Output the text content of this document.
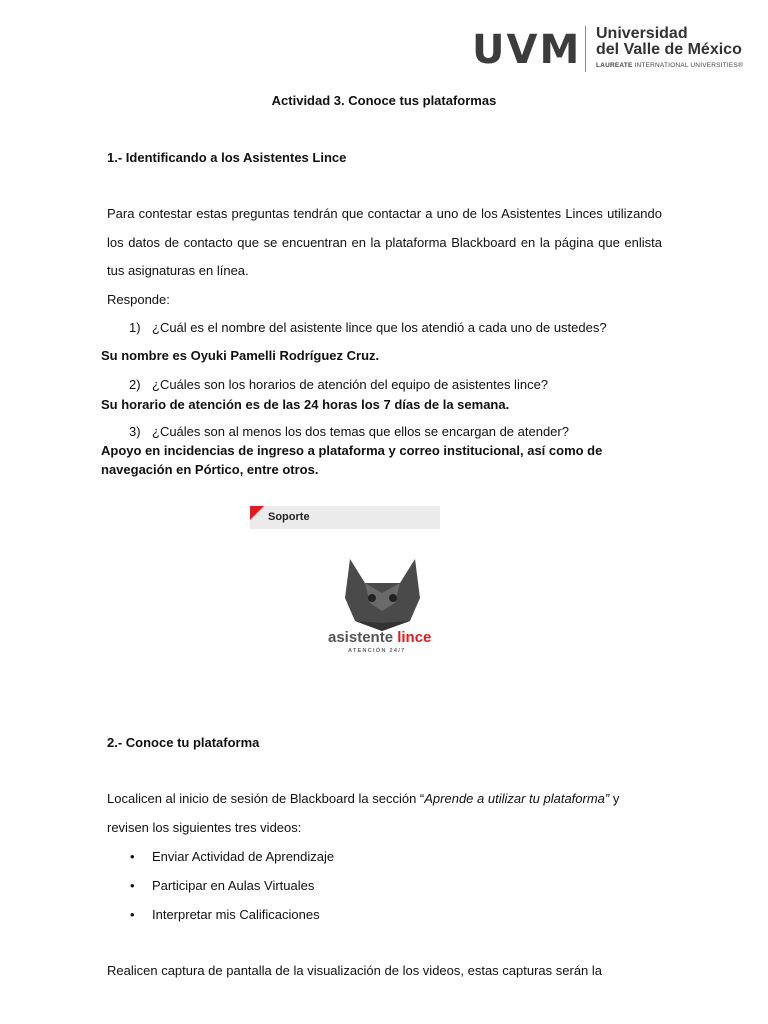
UVM Universidad
del Valle de México
LAUREATE INTERNATIONAL UNIVERSITIES®
Actividad 3. Conoce tus plataformas
1.- Identificando a los Asistentes Lince
Para contestar estas preguntas tendrán que contactar a uno de los Asistentes Linces utilizando los datos de contacto que se encuentran en la plataforma Blackboard en la página que enlista tus asignaturas en línea.
Responde:
1) ¿Cuál es el nombre del asistente lince que los atendió a cada uno de ustedes?
Su nombre es Oyuki Pamelli Rodríguez Cruz.
2) ¿Cuáles son los horarios de atención del equipo de asistentes lince?
Su horario de atención es de las 24 horas los 7 días de la semana.
3) ¿Cuáles son al menos los dos temas que ellos se encargan de atender?
Apoyo en incidencias de ingreso a plataforma y correo institucional, así como de
navegación en Pórtico, entre otros.
Soporte
asistente lince
ATENCIÓN 24/7
2.- Conoce tu plataforma
Localicen al inicio de sesión de Blackboard la sección “Aprende a utilizar tu plataforma” y
revisen los siguientes tres videos:
• Enviar Actividad de Aprendizaje
• Participar en Aulas Virtuales
• Interpretar mis Calificaciones
Realicen captura de pantalla de la visualización de los videos, estas capturas serán la
